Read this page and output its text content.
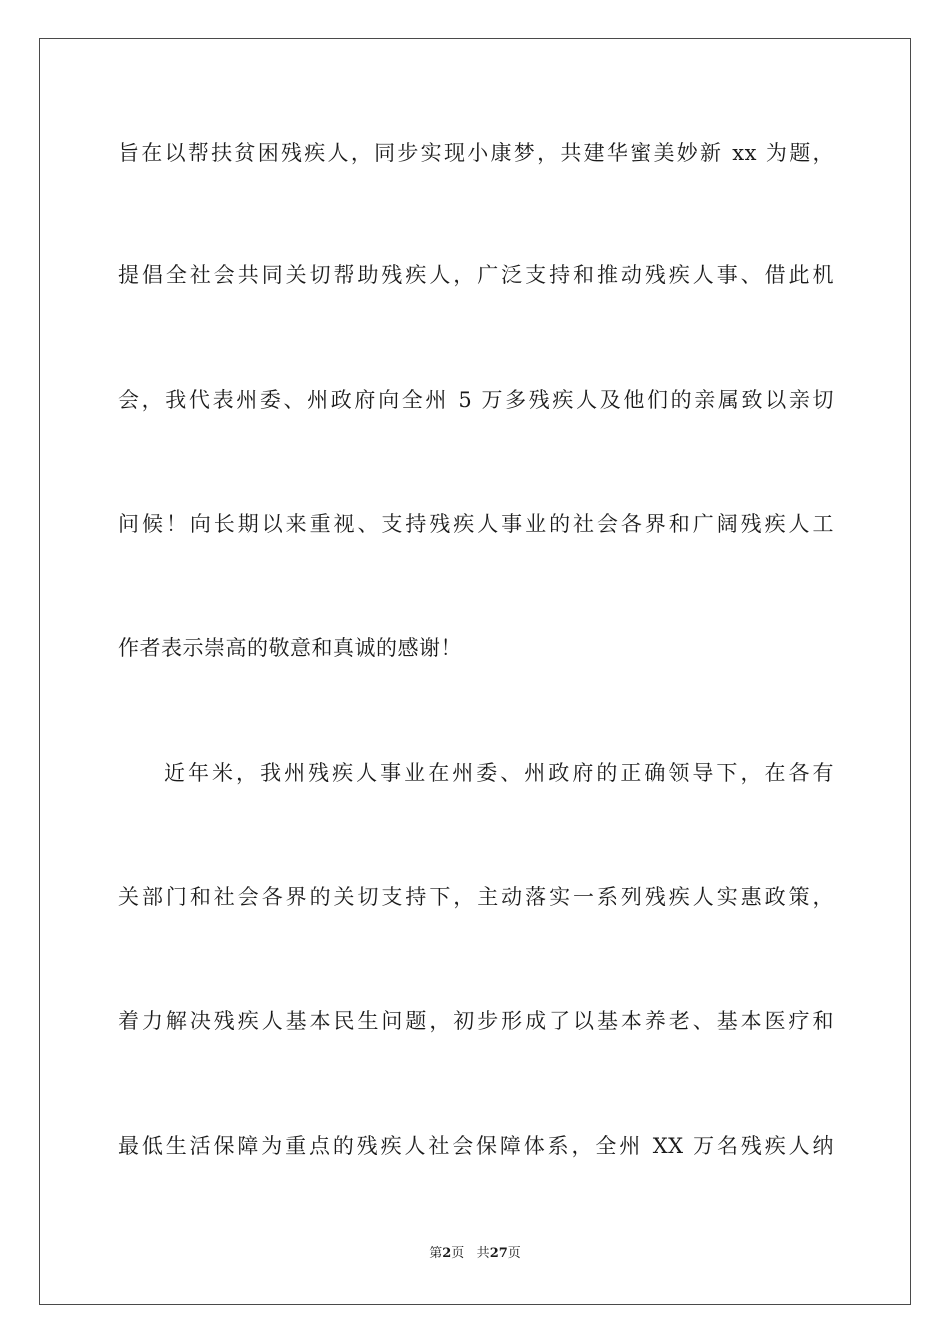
旨在以帮扶贫困残疾人，同步实现小康梦，共建华蜜美妙新 xx 为题，
提倡全社会共同关切帮助残疾人，广泛支持和推动残疾人事、借此机
会，我代表州委、州政府向全州 5 万多残疾人及他们的亲属致以亲切
问候！向长期以来重视、支持残疾人事业的社会各界和广阔残疾人工
作者表示崇高的敬意和真诚的感谢！
近年米，我州残疾人事业在州委、州政府的正确领导下，在各有
关部门和社会各界的关切支持下，主动落实一系列残疾人实惠政策，
着力解决残疾人基本民生问题，初步形成了以基本养老、基本医疗和
最低生活保障为重点的残疾人社会保障体系，全州 XX 万名残疾人纳
第2页 共27页
